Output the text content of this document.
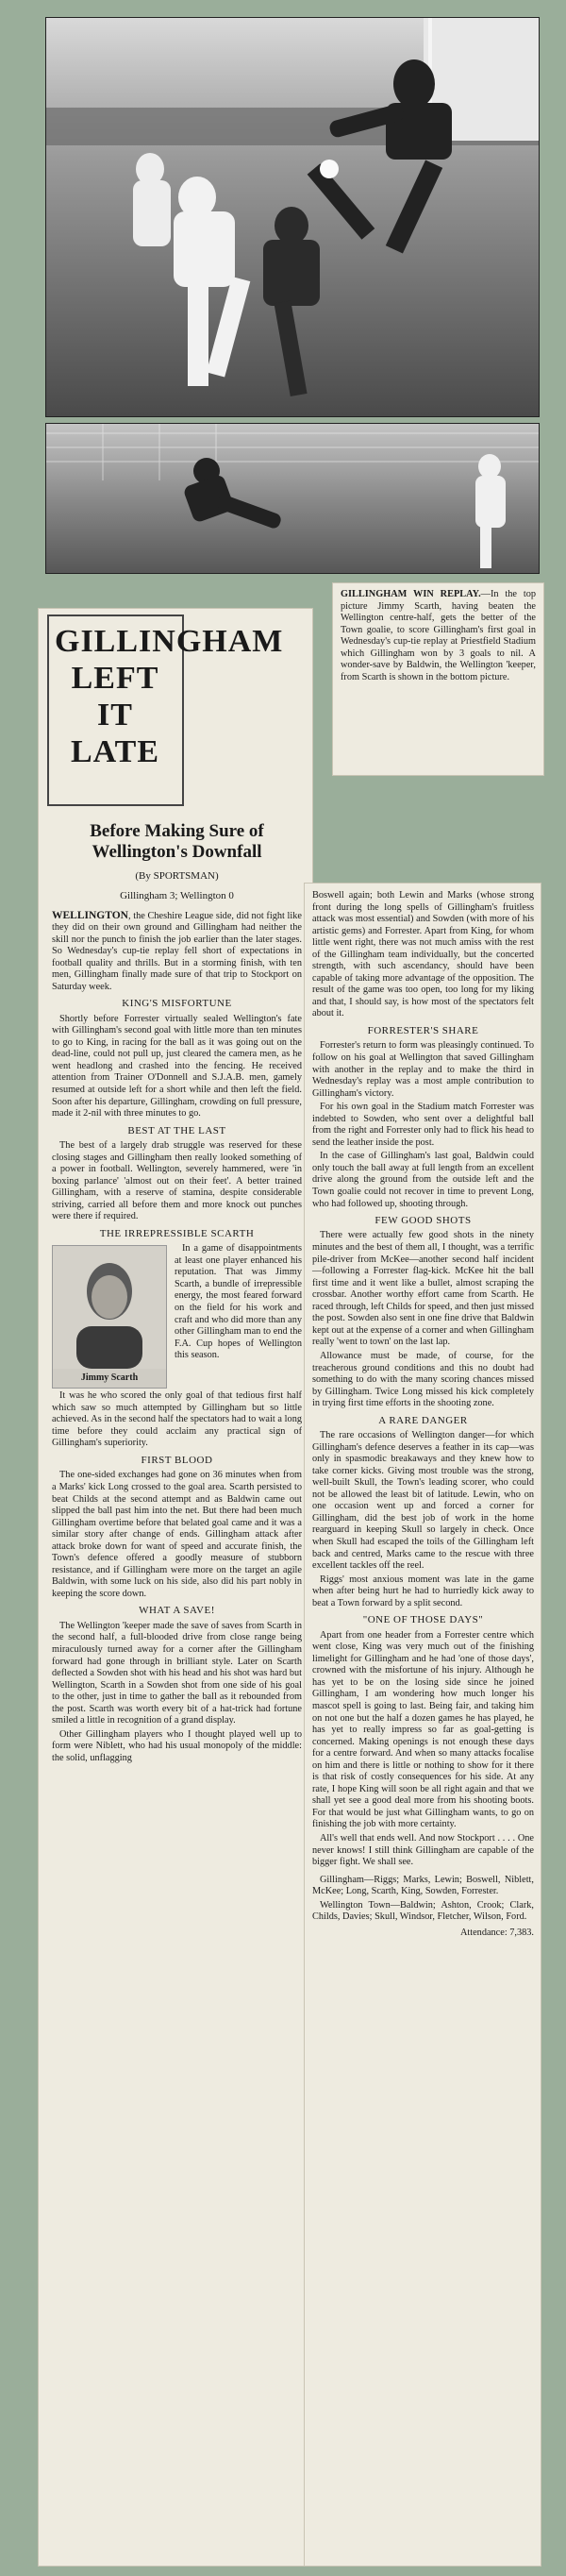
GILLINGHAM WIN REPLAY.—In the top picture Jimmy Scarth, having beaten the Wellington centre-half, gets the better of the Town goalie, to score Gillingham's first goal in Wednesday's cup-tie replay at Priestfield Stadium which Gillingham won by 3 goals to nil. A wonder-save by Baldwin, the Wellington 'keeper, from Scarth is shown in the bottom picture.
GILLINGHAM
LEFT IT LATE
Before Making Sure of Wellington's Downfall
(By SPORTSMAN)
Gillingham 3; Wellington 0

WELLINGTON, the Cheshire League side, did not fight like they did on their own ground and Gillingham had neither the skill nor the punch to finish the job earlier than the later stages. So Wednesday's cup-tie replay fell short of expectations in football quality and thrills. But in a storming finish, with ten men, Gillingham finally made sure of that trip to Stockport on Saturday week.

KING'S MISFORTUNE

Shortly before Forrester virtually sealed Wellington's fate with Gillingham's second goal with little more than ten minutes to go to King, in racing for the ball as it was going out on the dead-line, could not pull up, just cleared the camera men, as he went headlong and crashed into the fencing. He received attention from Trainer O'Donnell and S.J.A.B. men, gamely resumed at outside left for a short while and then left the field. Soon after his departure, Gillingham, crowding on full pressure, made it 2-nil with three minutes to go.

BEST AT THE LAST

The best of a largely drab struggle was reserved for these closing stages and Gillingham then really looked something of a power in football. Wellington, severely hammered, were 'in boxing parlance' 'almost out on their feet'. A better trained Gillingham, with a reserve of stamina, despite considerable striving, carried all before them and more knock out punches were there if required.

THE IRREPRESSIBLE SCARTH
Jimmy Scarth

In a game of disappointments at least one player enhanced his reputation. That was Jimmy Scarth, a bundle of irrepressible energy, the most feared forward on the field for his work and craft and who did more than any other Gillingham man to end the F.A. Cup hopes of Wellington this season.

It was he who scored the only goal of that tedious first half which saw so much attempted by Gillingham but so little achieved. As in the second half the spectators had to wait a long time before they could acclaim any practical sign of Gillingham's superiority.

FIRST BLOOD

The one-sided exchanges had gone on 36 minutes when from a Marks' kick Long crossed to the goal area. Scarth persisted to beat Childs at the second attempt and as Baldwin came out slipped the ball past him into the net. But there had been much Gillingham overtime before that belated goal came and it was a similar story after change of ends. Gillingham attack after attack broke down for want of speed and accurate finish, the Town's defence offered a goodly measure of stubborn resistance, and if Gillingham were more on the target an agile Baldwin, with some luck on his side, also did his part nobly in keeping the score down.

WHAT A SAVE!

The Wellington 'keeper made the save of saves from Scarth in the second half, a full-blooded drive from close range being miraculously turned away for a corner after the Gillingham forward had gone through in brilliant style. Later on Scarth deflected a Sowden shot with his head and his shot was hard but Wellington, Scarth in a Sowden shot from one side of his goal to the other, just in time to gather the ball as it rebounded from the post. Scarth was worth every bit of a hat-trick had fortune smiled a little in recognition of a grand display.

Other Gillingham players who I thought played well up to form were Niblett, who had his usual monopoly of the middle: the solid, unflagging

Boswell again; both Lewin and Marks (whose strong front during the long spells of Gillingham's fruitless attack was most essential) and Sowden (with more of his artistic gems) and Forrester. Apart from King, for whom little went right, there was not much amiss with the rest of the Gillingham team individually, but the concerted strength, with such ascendancy, should have been capable of taking more advantage of the opposition. The result of the game was too open, too long for my liking and that, I should say, is how most of the spectators felt about it.

FORRESTER'S SHARE

Forrester's return to form was pleasingly continued. To follow on his goal at Wellington that saved Gillingham with another in the replay and to make the third in Wednesday's replay was a most ample contribution to Gillingham's victory.

For his own goal in the Stadium match Forrester was indebted to Sowden, who sent over a delightful ball from the right and Forrester only had to flick his head to send the leather inside the post.

In the case of Gillingham's last goal, Baldwin could only touch the ball away at full length from an excellent drive along the ground from the outside left and the Town goalie could not recover in time to prevent Long, who had followed up, shooting through.

FEW GOOD SHOTS

There were actually few good shots in the ninety minutes and the best of them all, I thought, was a terrific pile-driver from McKee—another second half incident—following a Forrester flag-kick. McKee hit the ball first time and it went like a bullet, almost scraping the crossbar. Another worthy effort came from Scarth. He raced through, left Childs for speed, and then just missed the post. Sowden also sent in one fine drive that Baldwin kept out at the expense of a corner and when Gillingham really 'went to town' on the last lap.

Allowance must be made, of course, for the treacherous ground conditions and this no doubt had something to do with the many scoring chances missed by Gillingham. Twice Long missed his kick completely in trying first time efforts in the shooting zone.

A RARE DANGER

The rare occasions of Wellington danger—for which Gillingham's defence deserves a feather in its cap—was only in spasmodic breakaways and they knew how to take corner kicks. Giving most trouble was the strong, well-built Skull, the Town's leading scorer, who could not be allowed the least bit of latitude. Lewin, who on one occasion went up and forced a corner for Gillingham, did the best job of work in the home rearguard in keeping Skull so largely in check. Once when Skull had escaped the toils of the Gillingham left back and centred, Marks came to the rescue with three excellent tackles off the reel.

Riggs' most anxious moment was late in the game when after being hurt he had to hurriedly kick away to beat a Town forward by a split second.

"ONE OF THOSE DAYS"

Apart from one header from a Forrester centre which went close, King was very much out of the finishing limelight for Gillingham and he had 'one of those days', crowned with the misfortune of his injury. Although he has yet to be on the losing side since he joined Gillingham, I am wondering how much longer his mascot spell is going to last. Being fair, and taking him on not one but the half a dozen games he has played, he has yet to really impress so far as goal-getting is concerned. Making openings is not enough these days for a centre forward. And when so many attacks focalise on him and there is little or nothing to show for it there is that risk of costly consequences for his side. At any rate, I hope King will soon be all right again and that we shall yet see a good deal more from his shooting boots. For that would be just what Gillingham wants, to go on finishing the job with more certainty.

All's well that ends well. And now Stockport . . . . One never knows! I still think Gillingham are capable of the bigger fight. We shall see.

Gillingham—Riggs; Marks, Lewin; Boswell, Niblett, McKee; Long, Scarth, King, Sowden, Forrester.

Wellington Town—Baldwin; Ashton, Crook; Clark, Childs, Davies; Skull, Windsor, Fletcher, Wilson, Ford.

Attendance: 7,383.
